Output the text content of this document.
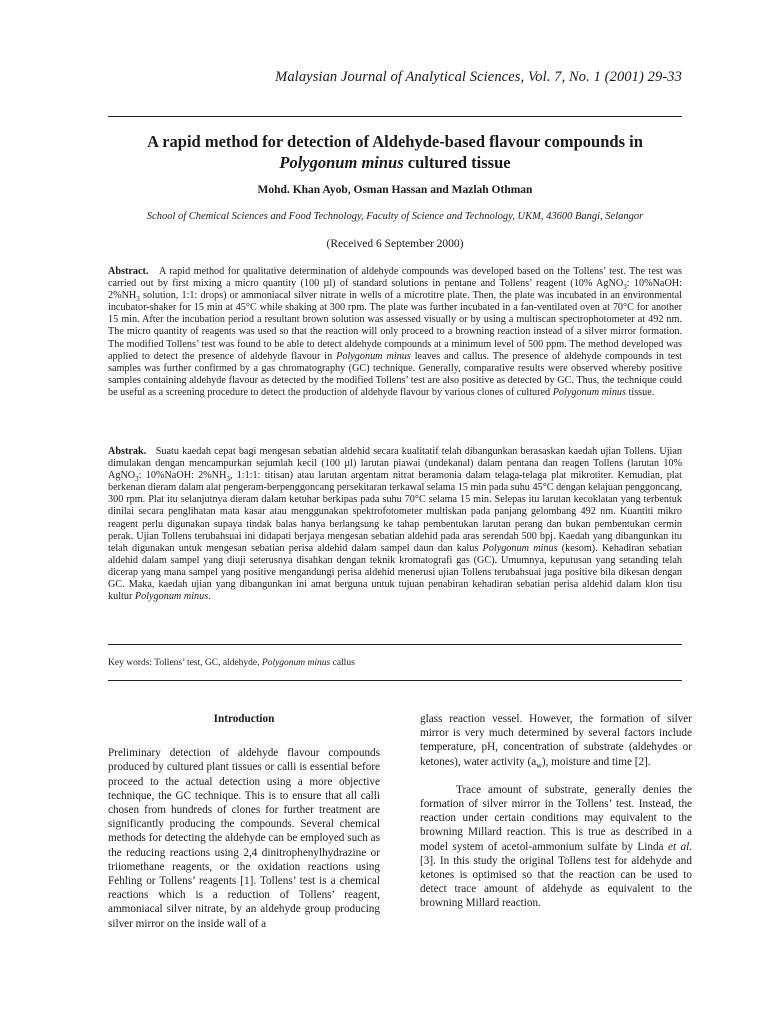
Malaysian Journal of Analytical Sciences, Vol. 7, No. 1 (2001) 29-33
A rapid method for detection of Aldehyde-based flavour compounds in
Polygonum minus cultured tissue
Mohd. Khan Ayob, Osman Hassan and Mazlah Othman
School of Chemical Sciences and Food Technology, Faculty of Science and Technology, UKM, 43600 Bangi, Selangor
(Received 6 September 2000)
Abstract. A rapid method for qualitative determination of aldehyde compounds was developed based on the Tollens’ test. The test was carried out by first mixing a micro quantity (100 µl) of standard solutions in pentane and Tollens’ reagent (10% AgNO$_3$: 10%NaOH: $2\%NH_3$ solution, 1:1: drops) or ammoniacal silver nitrate in wells of a microtitre plate. Then, the plate was incubated in an environmental incubator-shaker for 15 min at 45°C while shaking at 300 rpm. The plate was further incubated in a fan-ventilated oven at 70°C for another 15 min. After the incubation period a resultant brown solution was assessed visually or by using a multiscan spectrophotometer at 492 nm. The micro quantity of reagents was used so that the reaction will only proceed to a browning reaction instead of a silver mirror formation. The modified Tollens’ test was found to be able to detect aldehyde compounds at a minimum level of 500 ppm. The method developed was applied to detect the presence of aldehyde flavour in Polygonum minus leaves and callus. The presence of aldehyde compounds in test samples was further confirmed by a gas chromatography (GC) technique. Generally, comparative results were observed whereby positive samples containing aldehyde flavour as detected by the modified Tollens’ test are also positive as detected by GC. Thus, the technique could be useful as a screening procedure to detect the production of aldehyde flavour by various clones of cultured Polygonum minus tissue.
Abstrak. Suatu kaedah cepat bagi mengesan sebatian aldehid secara kualitatif telah dibangunkan berasaskan kaedah ujian Tollens. Ujian dimulakan dengan mencampurkan sejumlah kecil (100 µl) larutan piawai (undekanal) dalam pentana dan reagen Tollens (larutan 10% AgNO$_3$: 10%NaOH: $2\%NH_3$, 1:1:1: titisan) atau larutan argentam nitrat beramonia dalam telaga-telaga plat mikrotiter. Kemudian, plat berkenan dieram dalam alat pengeram-berpenggoncang persekitaran terkawal selama 15 min pada suhu 45°C dengan kelajuan penggoncang, 300 rpm. Plat itu selanjutnya dieram dalam ketuhar berkipas pada suhu 70°C selama 15 min. Selepas itu larutan kecoklatan yang terbentuk dinilai secara penglihatan mata kasar atau menggunakan spektrofotometer multiskan pada panjang gelombang 492 nm. Kuantiti mikro reagent perlu digunakan supaya tindak balas hanya berlangsung ke tahap pembentukan larutan perang dan bukan pembentukan cermin perak. Ujian Tollens terubahsuai ini didapati berjaya mengesan sebatian aldehid pada aras serendah 500 bpj. Kaedah yang dibangunkan itu telah digunakan untuk mengesan sebatian perisa aldehid dalam sampel daun dan kalus Polygonum minus (kesom). Kehadiran sebatian aldehid dalam sampel yang diuji seterusnya disahkan dengan teknik kromatografi gas (GC). Umumnya, keputusan yang setanding telah dicerap yang mana sampel yang positive mengandungi perisa aldehid menerusi ujian Tollens terubahsuai juga positive bila dikesan dengan GC. Maka, kaedah ujian yang dibangunkan ini amat berguna untuk tujuan penabiran kehadiran sebatian perisa aldehid dalam klon tisu kultur Polygonum minus.
Key words: Tollens’ test, GC, aldehyde, Polygonum minus callus
Introduction

Preliminary detection of aldehyde flavour compounds produced by cultured plant tissues or calli is essential before proceed to the actual detection using a more objective technique, the GC technique. This is to ensure that all calli chosen from hundreds of clones for further treatment are significantly producing the compounds. Several chemical methods for detecting the aldehyde can be employed such as the reducing reactions using 2,4 dinitrophenylhydrazine or triiomethane reagents, or the oxidation reactions using Fehling or Tollens’ reagents [1]. Tollens’ test is a chemical reactions which is a reduction of Tollens’ reagent, ammoniacal silver nitrate, by an aldehyde group producing silver mirror on the inside wall of a

glass reaction vessel. However, the formation of silver mirror is very much determined by several factors include temperature, pH, concentration of substrate (aldehydes or ketones), water activity $(a_w)$, moisture and time [2].

Trace amount of substrate, generally denies the formation of silver mirror in the Tollens’ test. Instead, the reaction under certain conditions may equivalent to the browning Millard reaction. This is true as described in a model system of acetol-ammonium sulfate by Linda et al. [3]. In this study the original Tollens test for aldehyde and ketones is optimised so that the reaction can be used to detect trace amount of aldehyde as equivalent to the browning Millard reaction.
